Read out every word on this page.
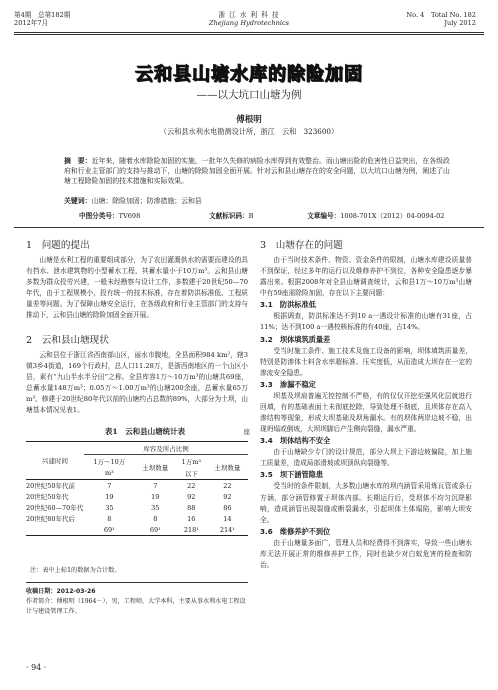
第4期　总第182期
2012年7月
浙 江 水 利 科 技
Zhejiang Hydrotechnics
No. 4　Total No. 182
July 2012
云和县山塘水库的除险加固
——以大坑口山塘为例
傅根明
（云和县水利水电勘测设计所，浙江　云和　323600）
摘　要：近年来，随着水库除险加固的实施，一批年久失修的病险水库得到有效整治。而山塘出险的危害性日益突出，在各级政府和行业主管部门的支持与推动下，山塘的除险加固全面开展。针对云和县山塘存在的安全问题，以大坑口山塘为例，阐述了山塘工程除险加固的技术措施和实际效果。
关键词：山塘；除险加固；防渗措施；云和县
中图分类号：TV698	文献标识码：B	文章编号：1008-701X（2012）04-0094-02
1　问题的提出

山塘是水利工程的重要组成部分，为了农田灌溉供水的需要而建设的具有挡水、泄水建筑物的小型蓄水工程，其蓄水量小于10万m³。云和县山塘多数为群众投劳兴建，一般未经勘察与设计工作，多数建于20世纪50—70年代，由于工程规模小，投有统一的技术标准，存在着防洪标准低、工程质量差等问题。为了保障山塘安全运行，在各级政府和行业主管部门的支持与推动下，云和县山塘的除险加固全面开展。

2　云和县山塘现状

云和县位于浙江省西南部山区，丽水市腹地，全县面积984 km²，辖3镇3乡4街道，169个行政村，总人口11.28万，是浙西南地区的一个山区小县，素有“九山半水半分田”之称。全县库容1万～10万m³的山塘共69座，总蓄水量148万m³；0.05万～1.00万m³的山塘200余座，总蓄水量65万m³。修建于20世纪80年代以前的山塘约占总数的89%，大部分为土坝，山塘基本情况见表1。

表1　云和县山塘统计表	座
兴建时间	库容及所占比例			
	1万～10万	土坝数量	1万m³	土坝数量
	m³		以下	
20世纪50年代前	7	7	22	22
20世纪50年代	19	19	92	92
20世纪60—70年代	35	35	88	86
20世纪80年代后	8	8	16	14
	69¹	69¹	218¹	214¹
注：表中上标1的数据为合计数。
收稿日期：2012-03-26
作者简介：傅根明（1964－），男，工程师，大学本科，主要从事水利水电工程设计与建设管理工作。
· 94 ·
3　山塘存在的问题

由于当时技术条件、物资、资金条件的限制，山塘水库建设质量普不到保证，经过多年的运行以及维修养护不到位，各种安全隐患逐步暴露出来。根据2008年对全县山塘调查统计，云和县1万～10万m³山塘中有59座需除险加固，存在以下主要问题：

3.1　防洪标准低

根据调查，防洪标准达不到10 a一遇设计标准的山塘有31座，占11%；达不到100 a一遇校核标准的有40座，占14%。

3.2　坝体填筑质量差

受当时施工条件、施工技术及施工设备的影响，坝体填筑质量差，特别是防渗体土料含水率超标准、压实度低，从而造成大坝存在一定的渗流安全隐患。

3.3　渗漏不稳定

坝基及坝肩普遍无控控制不严格，有的仅仅开挖至强风化层就进行回填，有的基础表面土未彻底挖除，导致处理不彻底，且坝体存在高入渗结构等现象，形成大坝基础及坝角漏水。有的坝体两岸边坡不稳，出现坍塌或倒坡，大坝坝脚后产生侧向裂缝，漏水严重。

3.4　坝体结构不安全

由于山塘缺少专门的设计规范，部分大坝上下游边坡偏陡，加上施工质量差，造成局部滑坡或坝顶纵向裂缝等。

3.5　坝下涵管隐患

受当时的条件限制，大多数山塘水库的坝内涵管采用炼瓦管或条石方涵，部分涵管修置于坝体内部。长期运行后，受坝体不均匀沉降影响，造成涵管出现裂缝或断裂漏水，引起坝体土体塌陷，影响大坝安全。

3.6　维修养护不到位

由于山塘量多面广，管理人员和经费得不到落实，导致一些山塘水库无法开展正常的维修养护工作，同时也缺少对白蚁危害的检查和防治。
